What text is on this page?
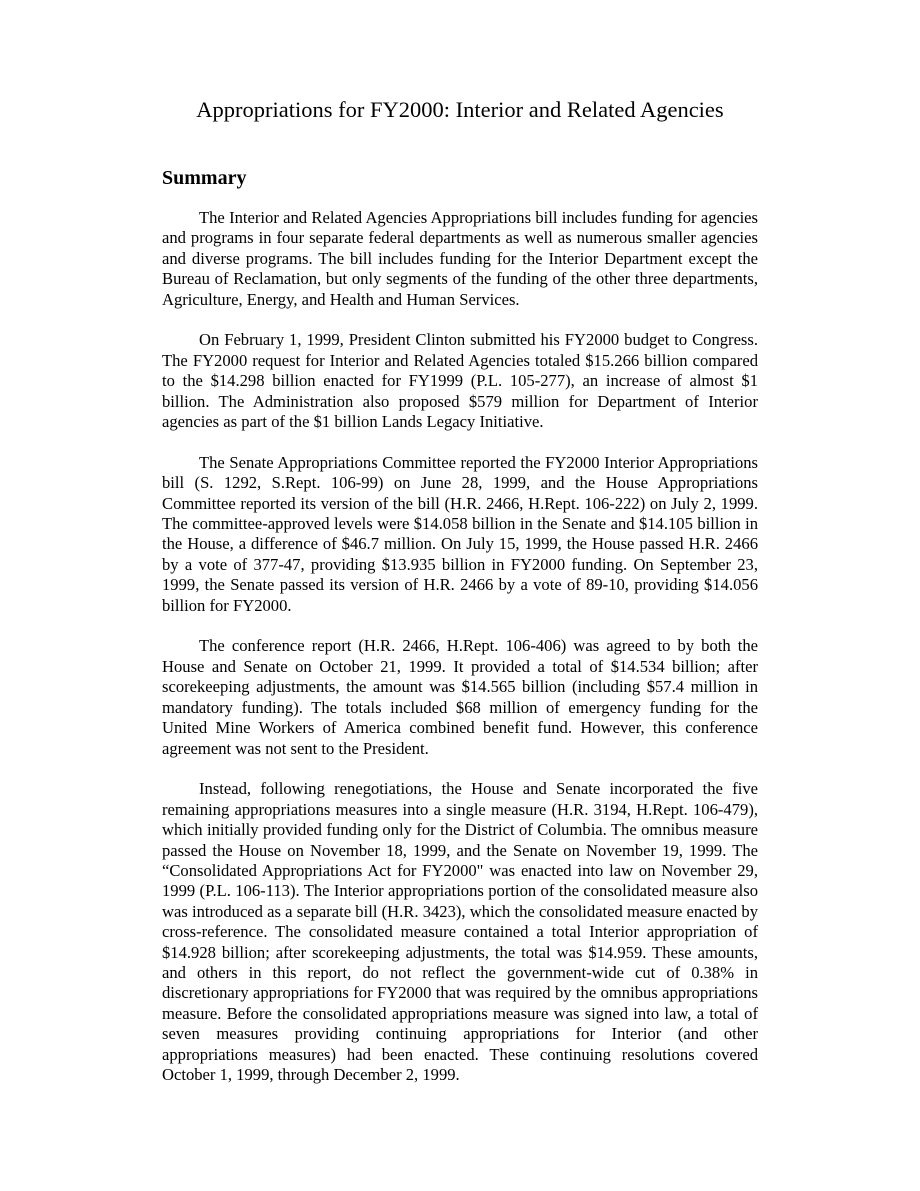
Appropriations for FY2000: Interior and Related Agencies
Summary

The Interior and Related Agencies Appropriations bill includes funding for agencies and programs in four separate federal departments as well as numerous smaller agencies and diverse programs. The bill includes funding for the Interior Department except the Bureau of Reclamation, but only segments of the funding of the other three departments, Agriculture, Energy, and Health and Human Services.

On February 1, 1999, President Clinton submitted his FY2000 budget to Congress. The FY2000 request for Interior and Related Agencies totaled $15.266 billion compared to the $14.298 billion enacted for FY1999 (P.L. 105-277), an increase of almost $1 billion. The Administration also proposed $579 million for Department of Interior agencies as part of the $1 billion Lands Legacy Initiative.

The Senate Appropriations Committee reported the FY2000 Interior Appropriations bill (S. 1292, S.Rept. 106-99) on June 28, 1999, and the House Appropriations Committee reported its version of the bill (H.R. 2466, H.Rept. 106-222) on July 2, 1999. The committee-approved levels were $14.058 billion in the Senate and $14.105 billion in the House, a difference of $46.7 million. On July 15, 1999, the House passed H.R. 2466 by a vote of 377-47, providing $13.935 billion in FY2000 funding. On September 23, 1999, the Senate passed its version of H.R. 2466 by a vote of 89-10, providing $14.056 billion for FY2000.

The conference report (H.R. 2466, H.Rept. 106-406) was agreed to by both the House and Senate on October 21, 1999. It provided a total of $14.534 billion; after scorekeeping adjustments, the amount was $14.565 billion (including $57.4 million in mandatory funding). The totals included $68 million of emergency funding for the United Mine Workers of America combined benefit fund. However, this conference agreement was not sent to the President.

Instead, following renegotiations, the House and Senate incorporated the five remaining appropriations measures into a single measure (H.R. 3194, H.Rept. 106-479), which initially provided funding only for the District of Columbia. The omnibus measure passed the House on November 18, 1999, and the Senate on November 19, 1999. The “Consolidated Appropriations Act for FY2000" was enacted into law on November 29, 1999 (P.L. 106-113). The Interior appropriations portion of the consolidated measure also was introduced as a separate bill (H.R. 3423), which the consolidated measure enacted by cross-reference. The consolidated measure contained a total Interior appropriation of $14.928 billion; after scorekeeping adjustments, the total was $14.959. These amounts, and others in this report, do not reflect the government-wide cut of 0.38% in discretionary appropriations for FY2000 that was required by the omnibus appropriations measure. Before the consolidated appropriations measure was signed into law, a total of seven measures providing continuing appropriations for Interior (and other appropriations measures) had been enacted. These continuing resolutions covered October 1, 1999, through December 2, 1999.
